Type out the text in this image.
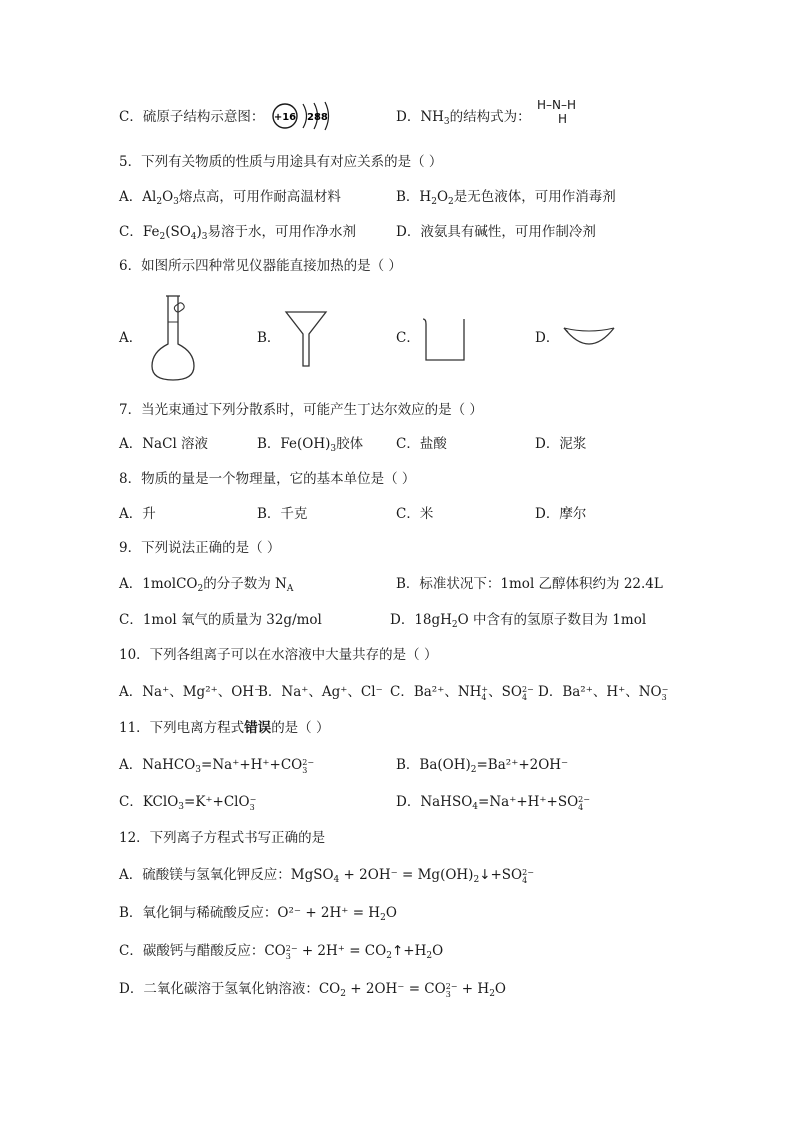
C．硫原子结构示意图： +16 288	D．$NH_3$的结构式为：
H–N–H
H
5．下列有关物质的性质与用途具有对应关系的是（ ）
A．$Al_2O_3$熔点高，可用作耐高温材料	B．$H_2O_2$是无色液体，可用作消毒剂
C．$Fe_2(SO_4)_3$易溶于水，可用作净水剂	D．液氨具有碱性，可用作制冷剂
6．如图所示四种常见仪器能直接加热的是（ ）
A．	B．	C．	D．
7．当光束通过下列分散系时，可能产生丁达尔效应的是（ ）
A．NaCl 溶液	B．$Fe(OH)_3$胶体 C．盐酸	D．泥浆
8．物质的量是一个物理量，它的基本单位是（ ）
A．升	B．千克	C．米	D．摩尔
9．下列说法正确的是（ ）
A．1molCO$_2$的分子数为 $N_A$	B．标准状况下：1mol 乙醇体积约为 22.4L
C．1mol 氧气的质量为 32g/mol	D．$18gH_2O$ 中含有的氢原子数目为 1mol
10．下列各组离子可以在水溶液中大量共存的是（ ）
A．Na⁺、Mg²⁺、OH⁻
B．Na⁺、Ag⁺、Cl⁻ C．Ba²⁺、NH +
4 、SO 2−
4 D．Ba²⁺、H⁺、NO −
3
11．下列电离方程式错误的是（ ）
A．NaHCO$_3$=Na⁺+H⁺+CO 2−
3	B．$Ba(OH)_2=Ba^{2+}+2OH^-$
C．KClO$_3$=K⁺+ClO −
3	D．NaHSO$_4$=Na⁺+H⁺+SO 2−
4
12．下列离子方程式书写正确的是
A．硫酸镁与氢氧化钾反应：MgSO$_4$ + $2OH^- = Mg(OH)_2↓+SO$ 2−
4
B．氧化铜与稀硫酸反应：$O^{2-} + 2H^+ = H_2O$
C．碳酸钙与醋酸反应：CO 2−
$3 + 2H^+ = CO_2↑+H_2O$
D．二氧化碳溶于氢氧化钠溶液：$CO_2 + 2OH^-$ = CO 2−
$3 + H_2O$
